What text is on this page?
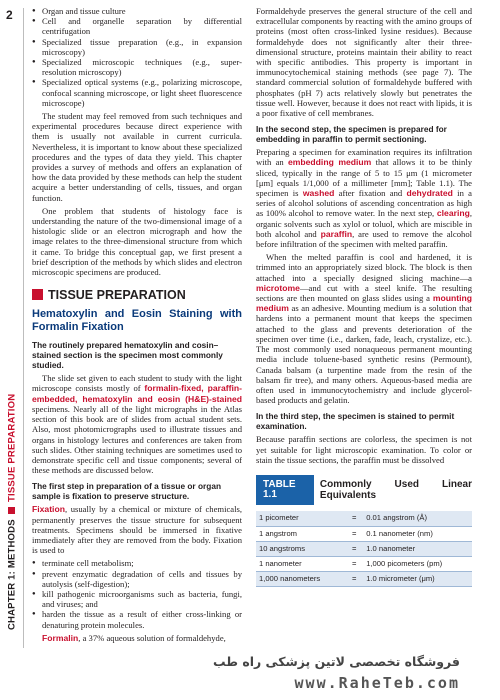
2
CHAPTER 1: METHODS
TISSUE PREPARATION
● Organ and tissue culture
● Cell and organelle separation by differential centrifugation
● Specialized tissue preparation (e.g., in expansion microscopy)
● Specialized microscopic techniques (e.g., super-resolution microscopy)
● Specialized optical systems (e.g., polarizing microscope, confocal scanning microscope, or light sheet fluorescence microscope)

The student may feel removed from such techniques and experimental procedures because direct experience with them is usually not available in current curricula. Nevertheless, it is important to know about these specialized procedures and the types of data they yield. This chapter provides a survey of methods and offers an explanation of how the data provided by these methods can help the student acquire a better understanding of cells, tissues, and organ function.

One problem that students of histology face is understanding the nature of the two-dimensional image of a histologic slide or an electron micrograph and how the image relates to the three-dimensional structure from which it came. To bridge this conceptual gap, we first present a brief description of the methods by which slides and electron microscopic specimens are produced.

TISSUE PREPARATION
Hematoxylin and Eosin Staining with Formalin Fixation
The routinely prepared hematoxylin and cosin–stained section is the specimen most commonly studied.

The slide set given to each student to study with the light microscope consists mostly of formalin-fixed, paraffin-embedded, hematoxylin and eosin (H&E)-stained specimens. Nearly all of the light micrographs in the Atlas section of this book are of slides from actual student sets. Also, most photomicrographs used to illustrate tissues and organs in histology lectures and conferences are taken from such slides. Other staining techniques are sometimes used to demonstrate specific cell and tissue components; several of these methods are discussed below.

The first step in preparation of a tissue or organ sample is fixation to preserve structure.

Fixation, usually by a chemical or mixture of chemicals, permanently preserves the tissue structure for subsequent treatments. Specimens should be immersed in fixative immediately after they are removed from the body. Fixation is used to

● terminate cell metabolism;
● prevent enzymatic degradation of cells and tissues by autolysis (self-digestion);
● kill pathogenic microorganisms such as bacteria, fungi, and viruses; and
● harden the tissue as a result of either cross-linking or denaturing protein molecules.

Formalin, a 37% aqueous solution of formaldehyde,

Formaldehyde preserves the general structure of the cell and extracellular components by reacting with the amino groups of proteins (most often cross-linked lysine residues). Because formaldehyde does not significantly alter their three-dimensional structure, proteins maintain their ability to react with specific antibodies. This property is important in immunocytochemical staining methods (see page 7). The standard commercial solution of formaldehyde buffered with phosphates (pH 7) acts relatively slowly but penetrates the tissue well. However, because it does not react with lipids, it is a poor fixative of cell membranes.

In the second step, the specimen is prepared for embedding in paraffin to permit sectioning.

Preparing a specimen for examination requires its infiltration with an embedding medium that allows it to be thinly sliced, typically in the range of 5 to 15 μm (1 micrometer [μm] equals 1/1,000 of a millimeter [mm]; Table 1.1). The specimen is washed after fixation and dehydrated in a series of alcohol solutions of ascending concentration as high as 100% alcohol to remove water. In the next step, clearing, organic solvents such as xylol or toluol, which are miscible in both alcohol and paraffin, are used to remove the alcohol before infiltration of the specimen with melted paraffin.

When the melted paraffin is cool and hardened, it is trimmed into an appropriately sized block. The block is then attached into a specially designed slicing machine—a microtome—and cut with a steel knife. The resulting sections are then mounted on glass slides using a mounting medium as an adhesive. Mounting medium is a solution that hardens into a permanent mount that keeps the specimen attached to the glass and prevents deterioration of the specimen over time (i.e., darken, fade, leach, crystalize, etc.). The most commonly used nonaqueous permanent mounting media include toluene-based synthetic resins (Permount), Canada balsam (a turpentine made from the resin of the balsam fir tree), and many others. Aqueous-based media are often used in immunocytochemistry and include glycerol-based products and gelatin.

In the third step, the specimen is stained to permit examination.

Because paraffin sections are colorless, the specimen is not yet suitable for light microscopic examination. To color or stain the tissue sections, the paraffin must be dissolved

TABLE 1.1
Commonly Used Linear Equivalents
1 picometer	=	0.01 angstrom (Å)
1 angstrom	=	0.1 nanometer (nm)
10 angstroms	=	1.0 nanometer
1 nanometer	=	1,000 picometers (pm)
1,000 nanometers	=	1.0 micrometer (μm)
فروشگاه تخصصی لاتین پزشکی راه طب
www.RaheTeb.com
